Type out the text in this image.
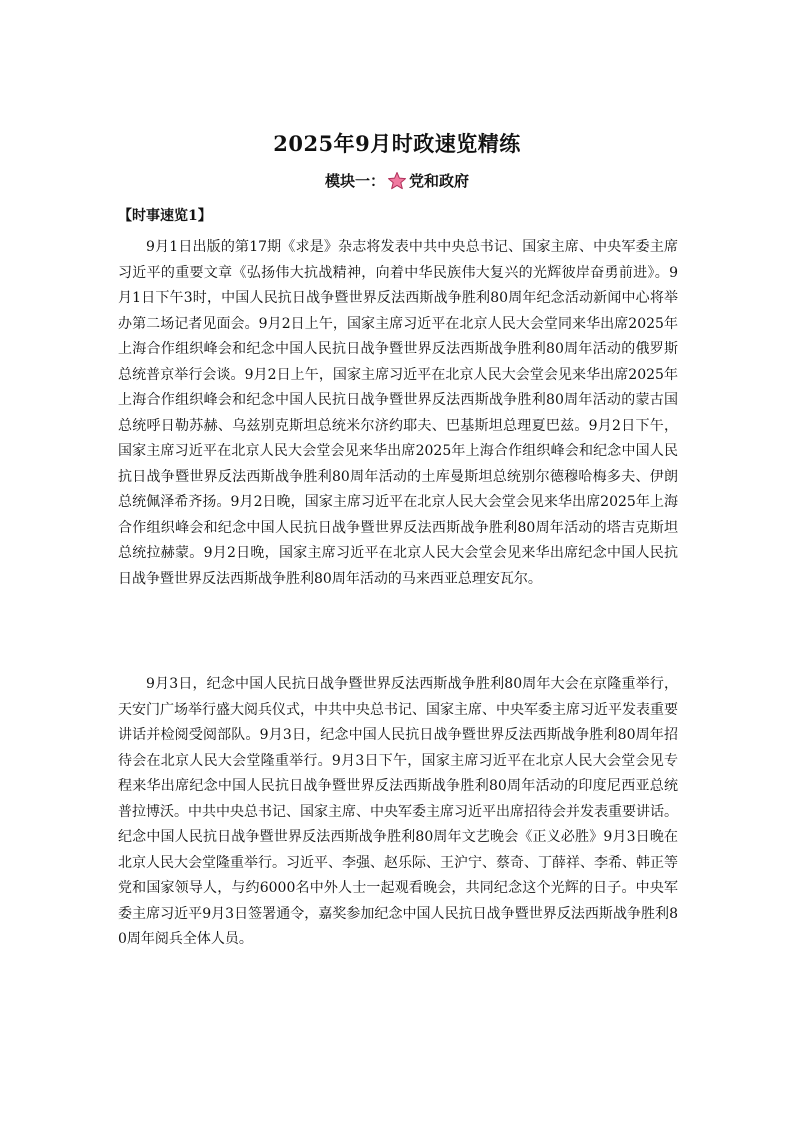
2025年9月时政速览精练
模块一： 党和政府

【时事速览1】

9月1日出版的第17期《求是》杂志将发表中共中央总书记、国家主席、中央军委主席习近平的重要文章《弘扬伟大抗战精神，向着中华民族伟大复兴的光辉彼岸奋勇前进》。9月1日下午3时，中国人民抗日战争暨世界反法西斯战争胜利80周年纪念活动新闻中心将举办第二场记者见面会。9月2日上午，国家主席习近平在北京人民大会堂同来华出席2025年上海合作组织峰会和纪念中国人民抗日战争暨世界反法西斯战争胜利80周年活动的俄罗斯总统普京举行会谈。9月2日上午，国家主席习近平在北京人民大会堂会见来华出席2025年上海合作组织峰会和纪念中国人民抗日战争暨世界反法西斯战争胜利80周年活动的蒙古国总统呼日勒苏赫、乌兹别克斯坦总统米尔济约耶夫、巴基斯坦总理夏巴兹。9月2日下午，国家主席习近平在北京人民大会堂会见来华出席2025年上海合作组织峰会和纪念中国人民抗日战争暨世界反法西斯战争胜利80周年活动的土库曼斯坦总统别尔德穆哈梅多夫、伊朗总统佩泽希齐扬。9月2日晚，国家主席习近平在北京人民大会堂会见来华出席2025年上海合作组织峰会和纪念中国人民抗日战争暨世界反法西斯战争胜利80周年活动的塔吉克斯坦总统拉赫蒙。9月2日晚，国家主席习近平在北京人民大会堂会见来华出席纪念中国人民抗日战争暨世界反法西斯战争胜利80周年活动的马来西亚总理安瓦尔。

9月3日，纪念中国人民抗日战争暨世界反法西斯战争胜利80周年大会在京隆重举行，天安门广场举行盛大阅兵仪式，中共中央总书记、国家主席、中央军委主席习近平发表重要讲话并检阅受阅部队。9月3日，纪念中国人民抗日战争暨世界反法西斯战争胜利80周年招待会在北京人民大会堂隆重举行。9月3日下午，国家主席习近平在北京人民大会堂会见专程来华出席纪念中国人民抗日战争暨世界反法西斯战争胜利80周年活动的印度尼西亚总统普拉博沃。中共中央总书记、国家主席、中央军委主席习近平出席招待会并发表重要讲话。纪念中国人民抗日战争暨世界反法西斯战争胜利80周年文艺晚会《正义必胜》9月3日晚在北京人民大会堂隆重举行。习近平、李强、赵乐际、王沪宁、蔡奇、丁薛祥、李希、韩正等党和国家领导人，与约6000名中外人士一起观看晚会，共同纪念这个光辉的日子。中央军委主席习近平9月3日签署通令，嘉奖参加纪念中国人民抗日战争暨世界反法西斯战争胜利80周年阅兵全体人员。
